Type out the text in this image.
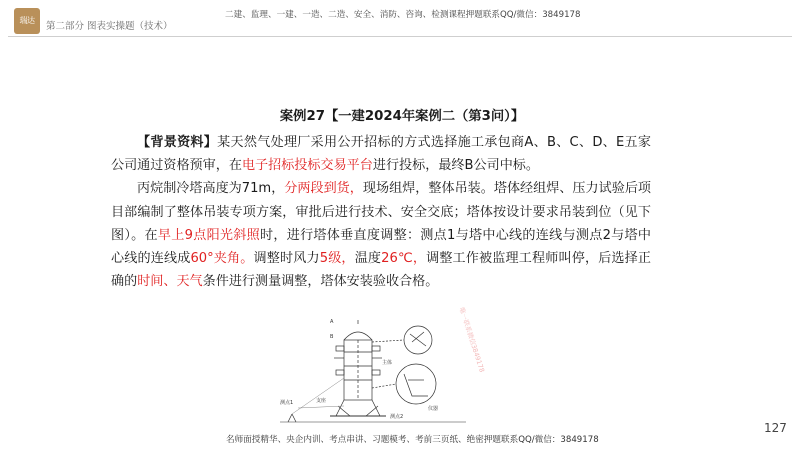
瑞达
第二部分 图表实操题（技术）
二建、监理、一建、一造、二造、安全、消防、咨询、检测课程押题联系QQ/微信：3849178
案例27【一建2024年案例二（第3问）】

【背景资料】某天然气处理厂采用公开招标的方式选择施工承包商A、B、C、D、E五家公司通过资格预审，在电子招标投标交易平台进行投标，最终B公司中标。

丙烷制冷塔高度为71m，分两段到货，现场组焊，整体吊装。塔体经组焊、压力试验后项目部编制了整体吊装专项方案，审批后进行技术、安全交底；塔体按设计要求吊装到位（见下图）。在早上9点阳光斜照时，进行塔体垂直度调整：测点1与塔中心线的连线与测点2与塔中心线的连线成60°夹角。调整时风力5级，温度26℃，调整工作被监理工程师叫停，后选择正确的时间、天气条件进行测量调整，塔体安装验收合格。

唯一联系微信3849178
A
B
主体
支座
测点1
测点2
仪器
名师面授精华、央企内训、考点串讲、习题模考、考前三页纸、绝密押题联系QQ/微信：3849178
127
